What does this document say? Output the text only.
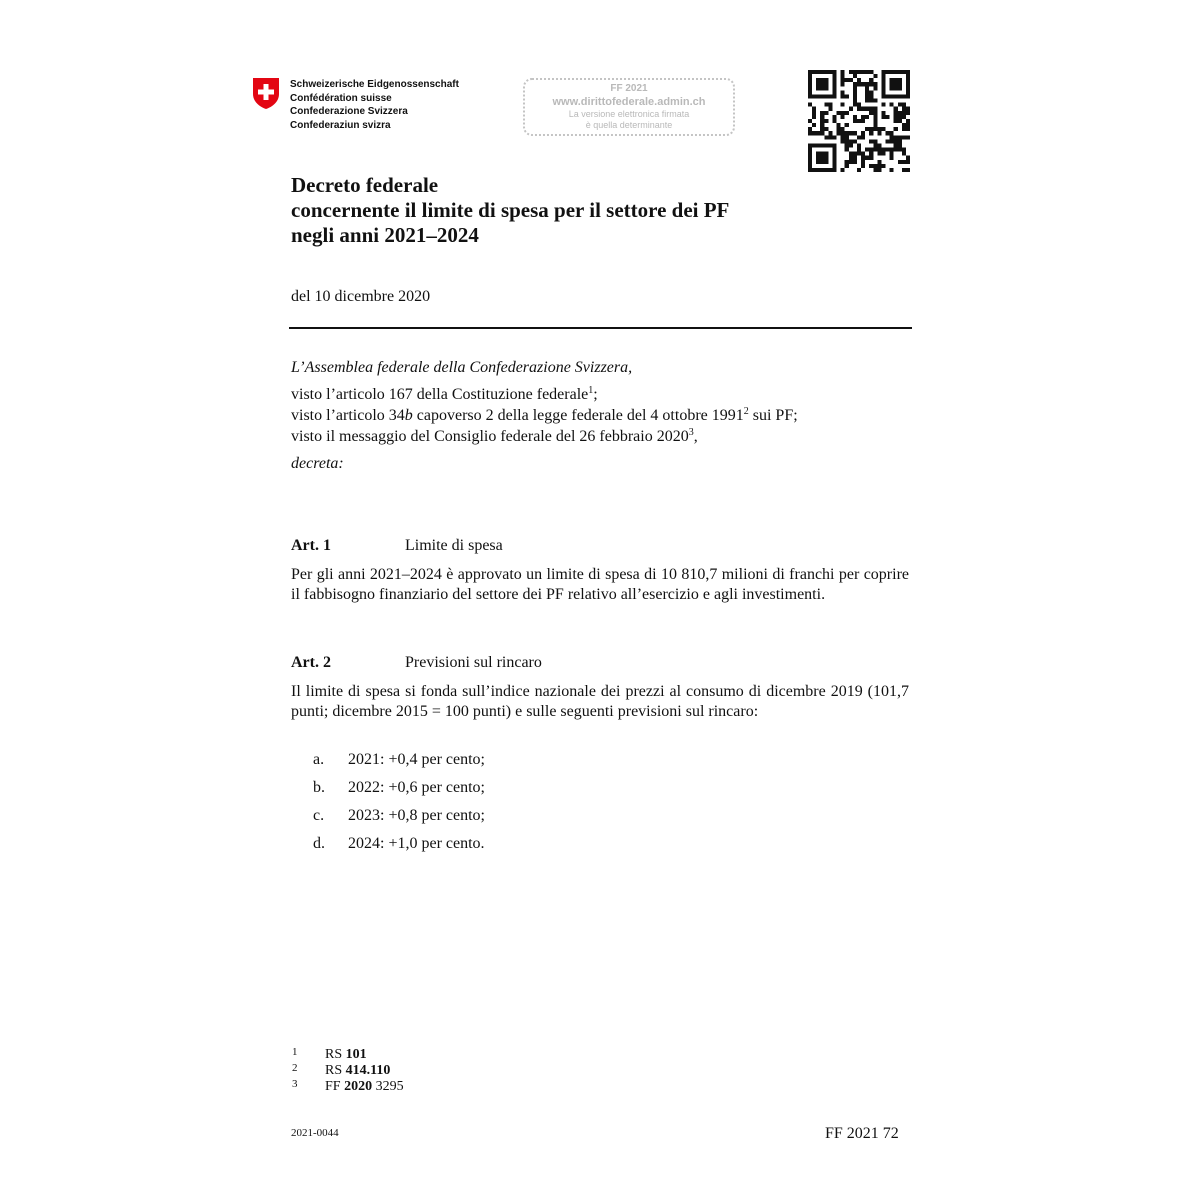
Schweizerische Eidgenossenschaft
Confédération suisse
Confederazione Svizzera
Confederaziun svizra
FF 2021
www.dirittofederale.admin.ch
La versione elettronica firmata
è quella determinante
Decreto federale
concernente il limite di spesa per il settore dei PF
negli anni 2021–2024
del 10 dicembre 2020
L’Assemblea federale della Confederazione Svizzera,
visto l’articolo 167 della Costituzione federale$^1$;
visto l’articolo 34b capoverso 2 della legge federale del 4 ottobre 1991$^2$ sui PF;
visto il messaggio del Consiglio federale del 26 febbraio 2020$^3$,
decreta:
Art. 1	Limite di spesa
Per gli anni 2021–2024 è approvato un limite di spesa di 10 810,7 milioni di franchi per coprire il fabbisogno finanziario del settore dei PF relativo all’esercizio e agli investimenti.
Art. 2	Previsioni sul rincaro
Il limite di spesa si fonda sull’indice nazionale dei prezzi al consumo di dicembre 2019 (101,7 punti; dicembre 2015 = 100 punti) e sulle seguenti previsioni sul rincaro:
a. 2021: +0,4 per cento;
b. 2022: +0,6 per cento;
c. 2023: +0,8 per cento;
d. 2024: +1,0 per cento.
1 RS 101
2 RS 414.110
3 FF 2020 3295
2021-0044	FF 2021 72
